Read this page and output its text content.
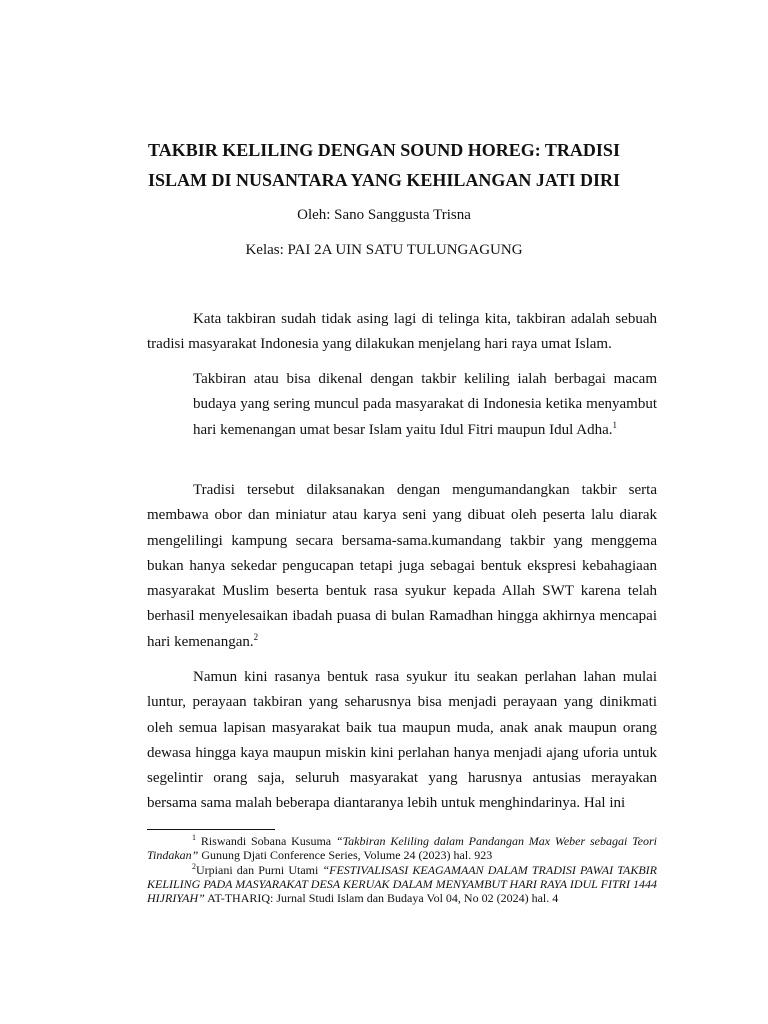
TAKBIR KELILING DENGAN SOUND HOREG: TRADISI
ISLAM DI NUSANTARA YANG KEHILANGAN JATI DIRI

Oleh: Sano Sanggusta Trisna

Kelas: PAI 2A UIN SATU TULUNGAGUNG

Kata takbiran sudah tidak asing lagi di telinga kita, takbiran adalah sebuah tradisi masyarakat Indonesia yang dilakukan menjelang hari raya umat Islam.

Takbiran atau bisa dikenal dengan takbir keliling ialah berbagai macam budaya yang sering muncul pada masyarakat di Indonesia ketika menyambut hari kemenangan umat besar Islam yaitu Idul Fitri maupun Idul Adha.$^1$

Tradisi tersebut dilaksanakan dengan mengumandangkan takbir serta membawa obor dan miniatur atau karya seni yang dibuat oleh peserta lalu diarak mengelilingi kampung secara bersama-sama.kumandang takbir yang menggema bukan hanya sekedar pengucapan tetapi juga sebagai bentuk ekspresi kebahagiaan masyarakat Muslim beserta bentuk rasa syukur kepada Allah SWT karena telah berhasil menyelesaikan ibadah puasa di bulan Ramadhan hingga akhirnya mencapai hari kemenangan.$^2$

Namun kini rasanya bentuk rasa syukur itu seakan perlahan lahan mulai luntur, perayaan takbiran yang seharusnya bisa menjadi perayaan yang dinikmati oleh semua lapisan masyarakat baik tua maupun muda, anak anak maupun orang dewasa hingga kaya maupun miskin kini perlahan hanya menjadi ajang uforia untuk segelintir orang saja, seluruh masyarakat yang harusnya antusias merayakan bersama sama malah beberapa diantaranya lebih untuk menghindarinya. Hal ini

$^1$ Riswandi Sobana Kusuma “Takbiran Keliling dalam Pandangan Max Weber sebagai Teori Tindakan” Gunung Djati Conference Series, Volume 24 (2023) hal. 923

$^2$Urpiani dan Purni Utami “FESTIVALISASI KEAGAMAAN DALAM TRADISI PAWAI TAKBIR KELILING PADA MASYARAKAT DESA KERUAK DALAM MENYAMBUT HARI RAYA IDUL FITRI 1444 HIJRIYAH” AT-THARIQ: Jurnal Studi Islam dan Budaya Vol 04, No 02 (2024) hal. 4
